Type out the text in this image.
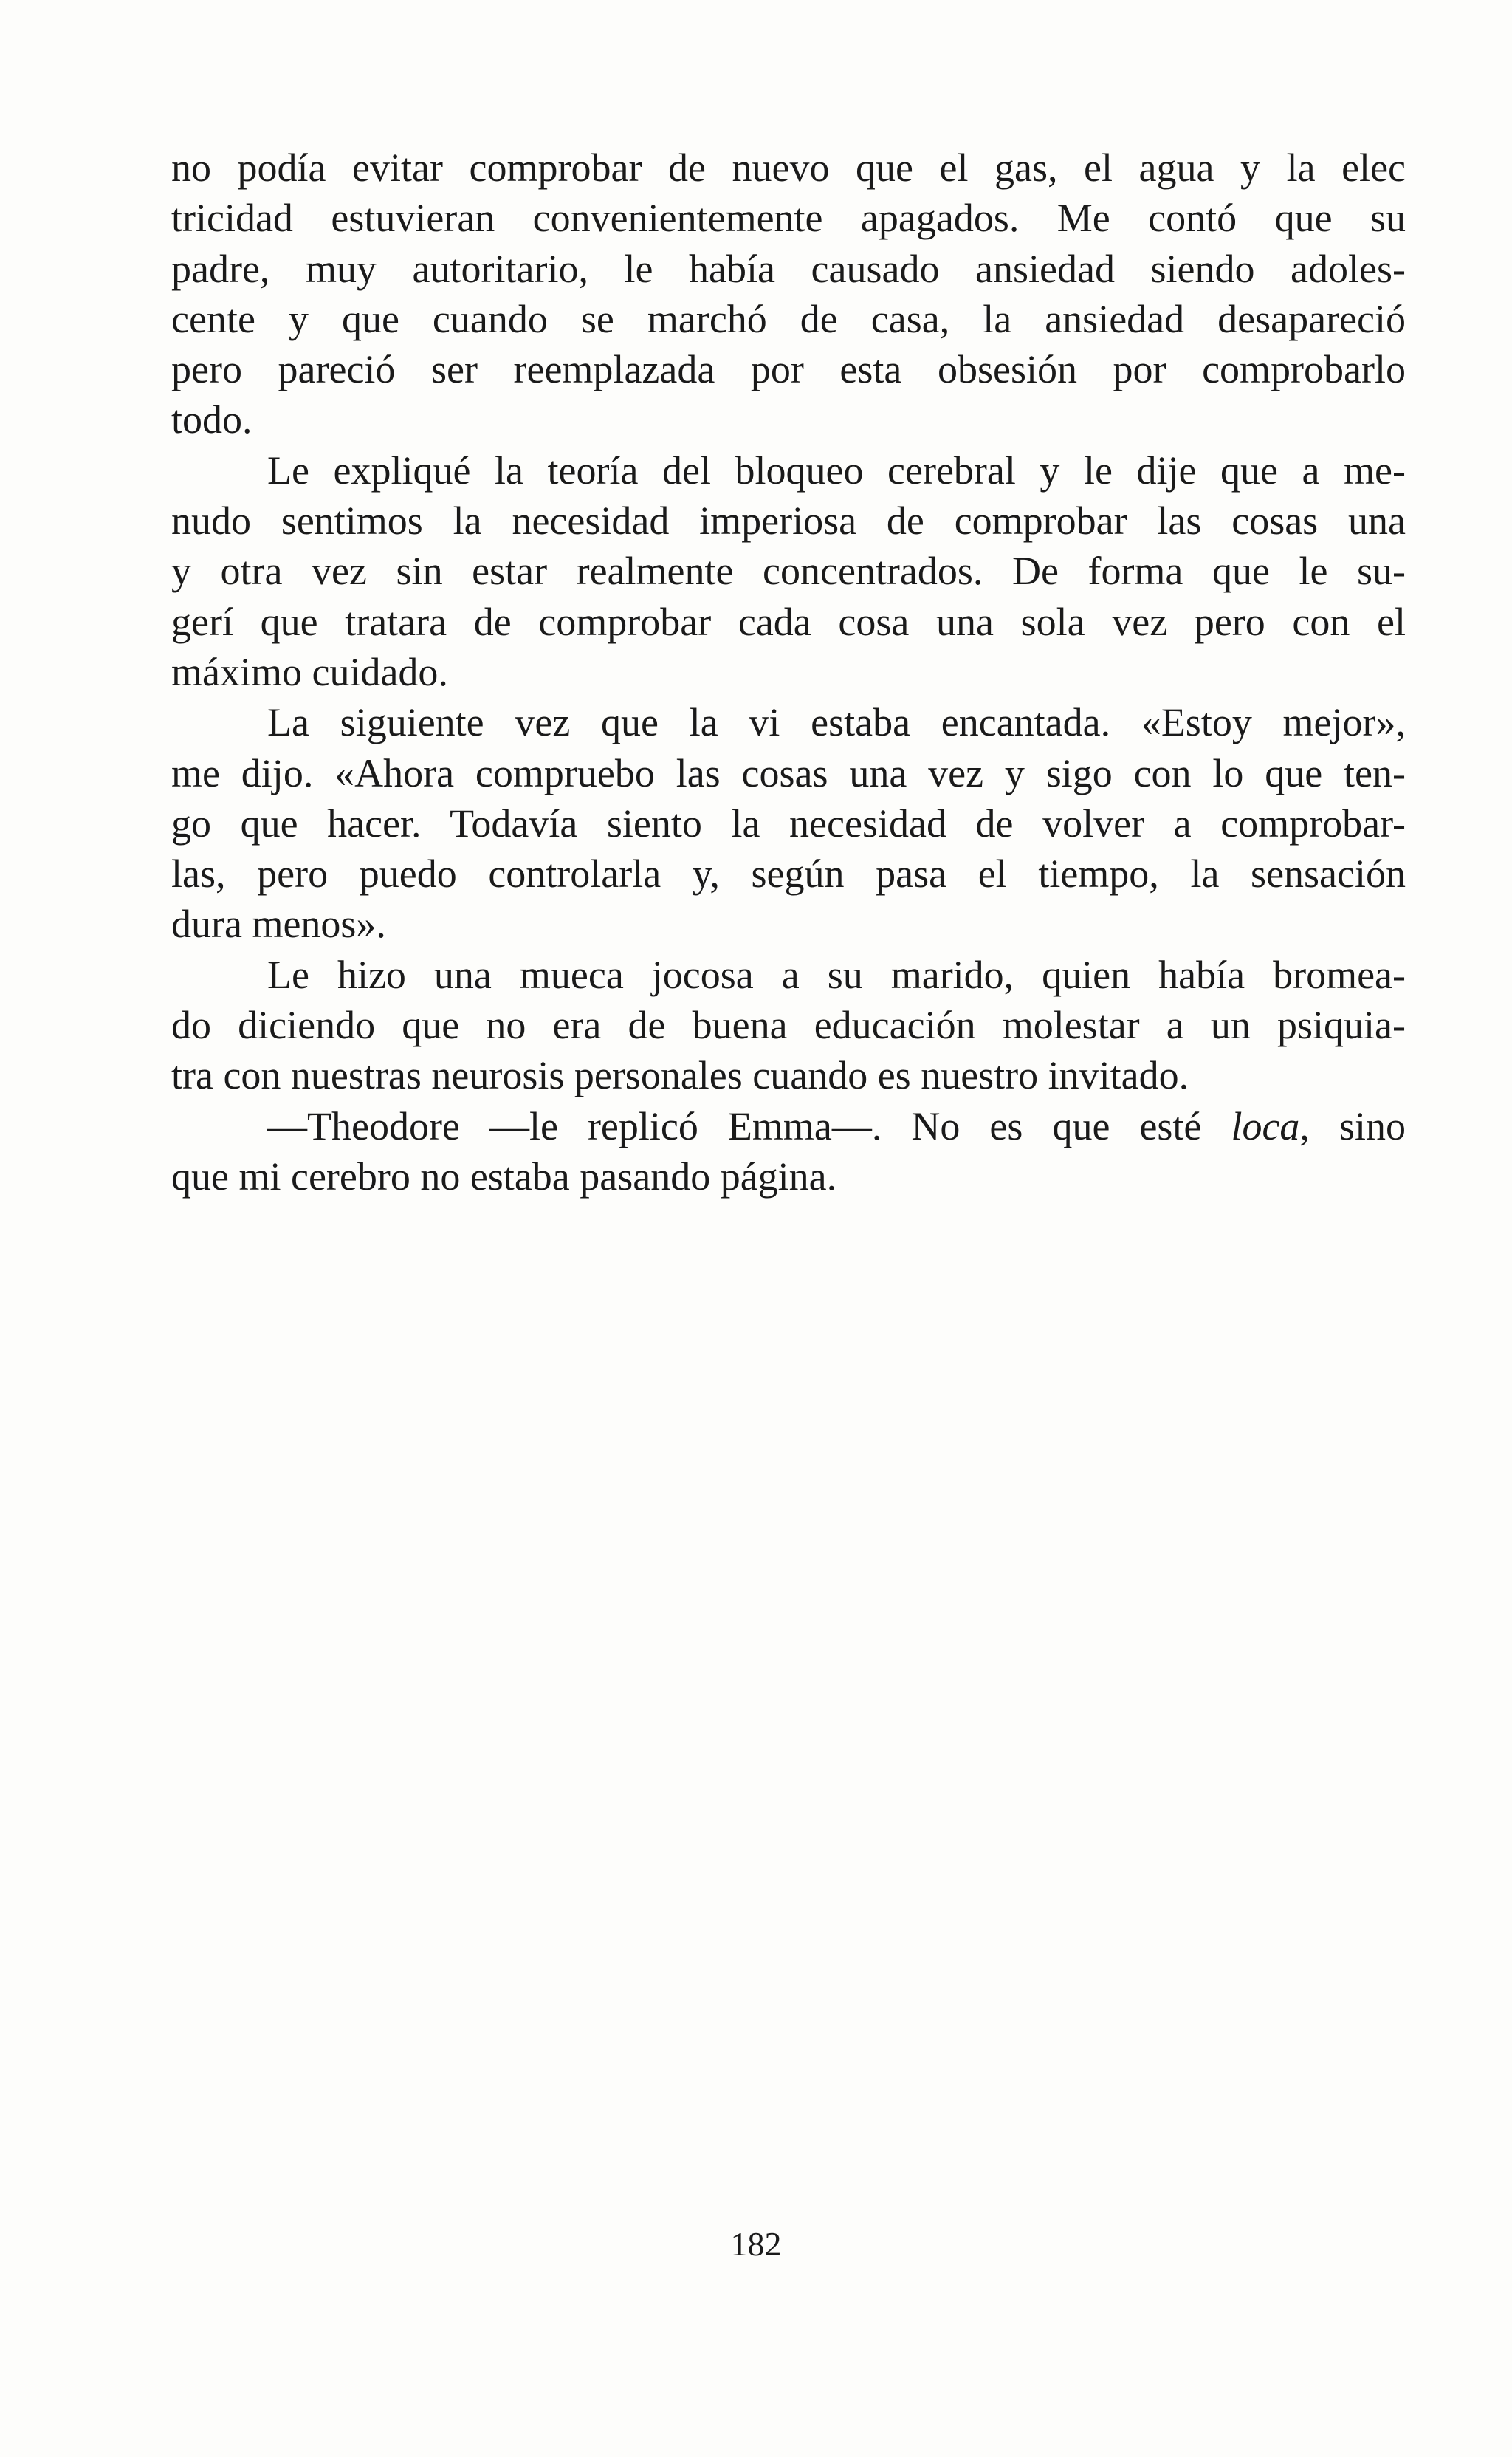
no podía evitar comprobar de nuevo que el gas, el agua y la elec
tricidad estuvieran convenientemente apagados. Me contó que su
padre, muy autoritario, le había causado ansiedad siendo adoles-
cente y que cuando se marchó de casa, la ansiedad desapareció
pero pareció ser reemplazada por esta obsesión por comprobarlo
todo.

Le expliqué la teoría del bloqueo cerebral y le dije que a me-
nudo sentimos la necesidad imperiosa de comprobar las cosas una
y otra vez sin estar realmente concentrados. De forma que le su-
gerí que tratara de comprobar cada cosa una sola vez pero con el
máximo cuidado.

La siguiente vez que la vi estaba encantada. «Estoy mejor»,
me dijo. «Ahora compruebo las cosas una vez y sigo con lo que ten-
go que hacer. Todavía siento la necesidad de volver a comprobar-
las, pero puedo controlarla y, según pasa el tiempo, la sensación
dura menos».

Le hizo una mueca jocosa a su marido, quien había bromea-
do diciendo que no era de buena educación molestar a un psiquia-
tra con nuestras neurosis personales cuando es nuestro invitado.

—Theodore —le replicó Emma—. No es que esté loca, sino
que mi cerebro no estaba pasando página.

182
